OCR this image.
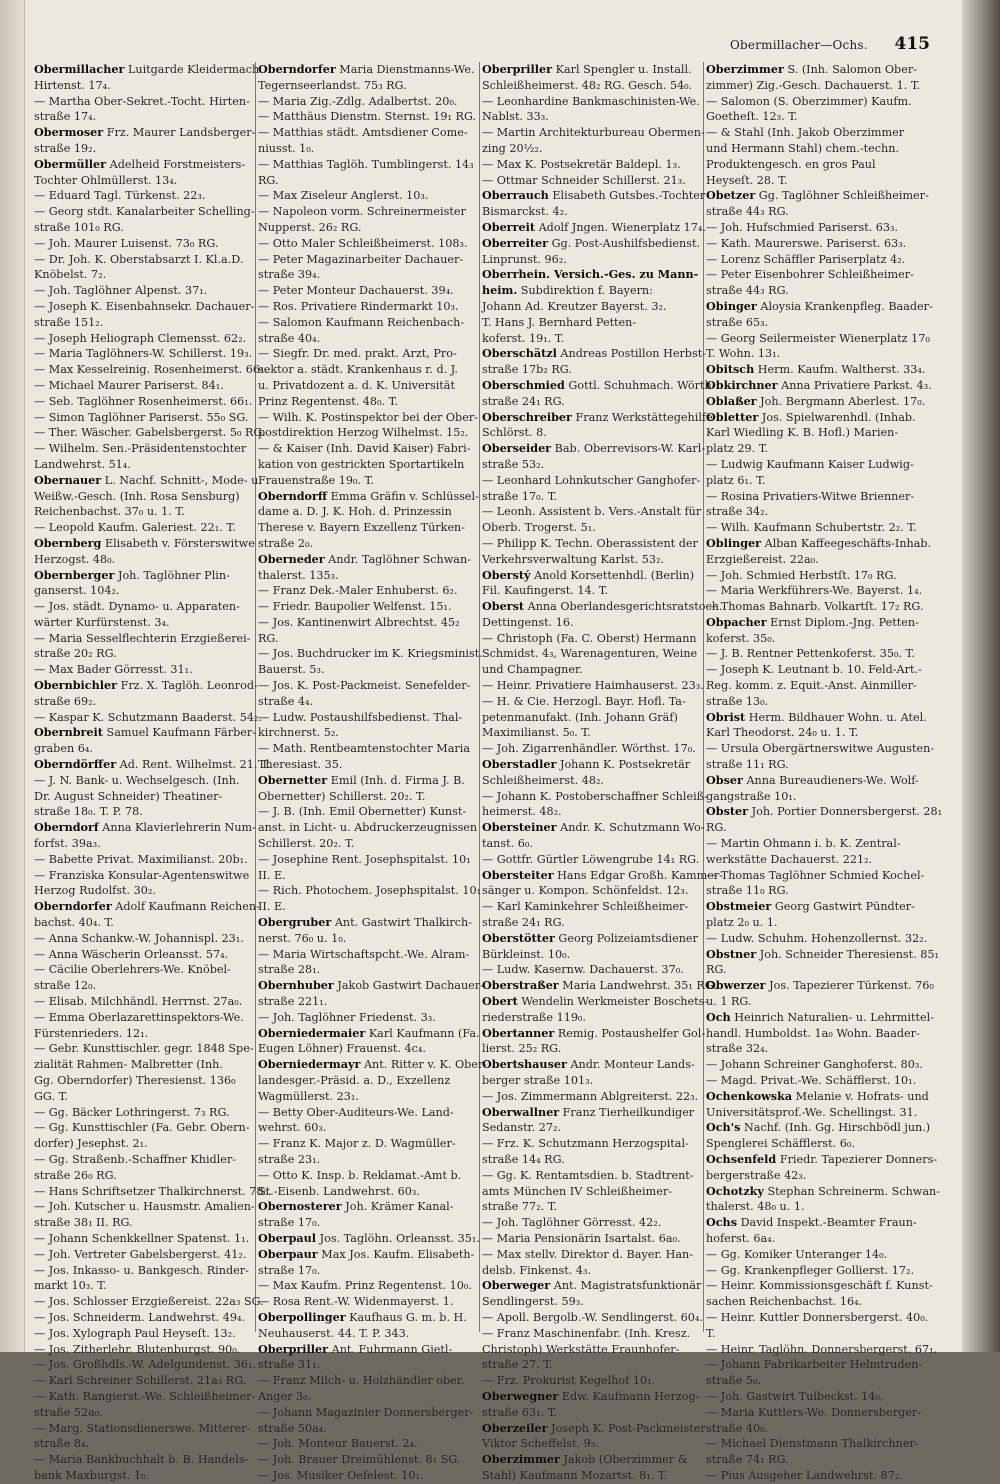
Obermillacher—Ochs. 415
Obermillacher Luitgarde Kleidermach.
Hirtenst. 17₄.
— Martha Ober-Sekret.-Tocht. Hirten-
straße 17₄.
Obermoser Frz. Maurer Landsberger-
straße 19₂.
Obermüller Adelheid Forstmeisters-
Tochter Ohlmüllerst. 13₄.
— Eduard Tagl. Türkenst. 22₃.
— Georg stdt. Kanalarbeiter Schelling-
straße 101₀ RG.
— Joh. Maurer Luisenst. 73₀ RG.
— Dr. Joh. K. Oberstabsarzt I. Kl.a.D.
Knöbelst. 7₂.
— Joh. Taglöhner Alpenst. 37₁.
— Joseph K. Eisenbahnsekr. Dachauer-
straße 151₂.
— Joseph Heliograph Clemensst. 62₂.
— Maria Taglöhners-W. Schillerst. 19₃.
— Max Kesselreinig. Rosenheimerst. 66₁.
— Michael Maurer Pariserst. 84₁.
— Seb. Taglöhner Rosenheimerst. 66₁.
— Simon Taglöhner Pariserst. 55₀ SG.
— Ther. Wäscher. Gabelsbergerst. 5₀ RG.
— Wilhelm. Sen.-Präsidentenstochter
Landwehrst. 51₄.
Obernauer L. Nachf. Schnitt-, Mode- u.
Weißw.-Gesch. (Inh. Rosa Sensburg)
Reichenbachst. 37₀ u. 1. T.
— Leopold Kaufm. Galeriest. 22₁. T.
Obernberg Elisabeth v. Försterswitwe
Herzogst. 48₀.
Obernberger Joh. Taglöhner Plin-
ganserst. 104₂.
— Jos. städt. Dynamo- u. Apparaten-
wärter Kurfürstenst. 3₄.
— Maria Sesselflechterin Erzgießerei-
straße 20₂ RG.
— Max Bader Görresst. 31₁.
Obernbichler Frz. X. Taglöh. Leonrod-
straße 69₂.
— Kaspar K. Schutzmann Baaderst. 54₂.
Obernbreit Samuel Kaufmann Färber-
graben 6₄.
Oberndörffer Ad. Rent. Wilhelmst. 21. T.
— J. N. Bank- u. Wechselgesch. (Inh.
Dr. August Schneider) Theatiner-
straße 18₀. T. P. 78.
Oberndorf Anna Klavierlehrerin Num-
forfst. 39a₃.
— Babette Privat. Maximilianst. 20b₁.
— Franziska Konsular-Agentenswitwe
Herzog Rudolfst. 30₂.
Oberndorfer Adolf Kaufmann Reichen-
bachst. 40₄. T.
— Anna Schankw.-W. Johannispl. 23₁.
— Anna Wäscherin Orleansst. 57₄.
— Cäcilie Oberlehrers-We. Knöbel-
straße 12₀.
— Elisab. Milchhändl. Herrnst. 27a₀.
— Emma Oberlazarettinspektors-We.
Fürstenrieders. 12₁.
— Gebr. Kunsttischler. gegr. 1848 Spe-
zialität Rahmen- Malbretter (Inh.
Gg. Oberndorfer) Theresienst. 136₀
GG. T.
— Gg. Bäcker Lothringerst. 7₃ RG.
— Gg. Kunsttischler (Fa. Gebr. Obern-
dorfer) Jesephst. 2₁.
— Gg. Straßenb.-Schaffner Khidler-
straße 26₀ RG.
— Hans Schriftsetzer Thalkirchnerst. 78₀.
— Joh. Kutscher u. Hausmstr. Amalien-
straße 38₁ II. RG.
— Johann Schenkkellner Spatenst. 1₁.
— Joh. Vertreter Gabelsbergerst. 41₂.
— Jos. Inkasso- u. Bankgesch. Rinder-
markt 10₃. T.
— Jos. Schlosser Erzgießereist. 22a₃ SG.
— Jos. Schneiderm. Landwehrst. 49₄.
— Jos. Xylograph Paul Heyseſt. 13₂.
— Jos. Zitherlehr. Blutenburgst. 90₀.
— Jos. Großhdls.-W. Adelgundenst. 36₁.
— Karl Schreiner Schillerst. 21a₃ RG.
— Kath. Rangierst.-We. Schleißheimer-
straße 52a₀.
— Marg. Stationsdienerswe. Mitterer-
straße 8₄.
— Maria Bankbuchhalt b. B. Handels-
bank Maxburgst. 1₀.
Oberndorfer Maria Dienstmanns-We.
Tegernseerlandst. 75₃ RG.
— Maria Zig.-Zdlg. Adalbertst. 20₀.
— Matthäus Dienstm. Sternst. 19₁ RG.
— Matthias städt. Amtsdiener Come-
niusst. 1₀.
— Matthias Taglöh. Tumblingerst. 14₃
RG.
— Max Ziseleur Anglerst. 10₃.
— Napoleon vorm. Schreinermeister
Nupperst. 26₂ RG.
— Otto Maler Schleißheimerst. 108₃.
— Peter Magazinarbeiter Dachauer-
straße 39₄.
— Peter Monteur Dachauerst. 39₄.
— Ros. Privatiere Rindermarkt 10₃.
— Salomon Kaufmann Reichenbach-
straße 40₄.
— Siegfr. Dr. med. prakt. Arzt, Pro-
sektor a. städt. Krankenhaus r. d. J.
u. Privatdozent a. d. K. Universität
Prinz Regentenst. 48₀. T.
— Wilh. K. Postinspektor bei der Ober-
postdirektion Herzog Wilhelmst. 15₂.
— & Kaiser (Inh. David Kaiser) Fabri-
kation von gestrickten Sportartikeln
Frauenstraße 19₀. T.
Oberndorff Emma Gräfin v. Schlüssel-
dame a. D. J. K. Hoh. d. Prinzessin
Therese v. Bayern Exzellenz Türken-
straße 2₀.
Oberneder Andr. Taglöhner Schwan-
thalerst. 135₃.
— Franz Dek.-Maler Enhuberst. 6₂.
— Friedr. Baupolier Welfenst. 15₁.
— Jos. Kantinenwirt Albrechtst. 45₂
RG.
— Jos. Buchdrucker im K. Kriegsminist.
Bauerst. 5₃.
— Jos. K. Post-Packmeist. Senefelder-
straße 4₄.
— Ludw. Postaushilfsbedienst. Thal-
kirchnerst. 5₂.
— Math. Rentbeamtenstochter Maria
Theresiast. 35.
Obernetter Emil (Inh. d. Firma J. B.
Obernetter) Schillerst. 20₂. T.
— J. B. (Inh. Emil Obernetter) Kunst-
anst. in Licht- u. Abdruckerzeugnissen
Schillerst. 20₂. T.
— Josephine Rent. Josephspitalst. 10₁
II. E.
— Rich. Photochem. Josephspitalst. 10₁
II. E.
Obergruber Ant. Gastwirt Thalkirch-
nerst. 76₀ u. 1₀.
— Maria Wirtschaftspcht.-We. Alram-
straße 28₁.
Obernhuber Jakob Gastwirt Dachauer-
straße 221₁.
— Joh. Taglöhner Friedenst. 3₃.
Oberniedermaier Karl Kaufmann (Fa.
Eugen Löhner) Frauenst. 4c₄.
Oberniedermayr Ant. Ritter v. K. Ober-
landesger.-Präsid. a. D., Exzellenz
Wagmüllerst. 23₁.
— Betty Ober-Auditeurs-We. Land-
wehrst. 60₃.
— Franz K. Major z. D. Wagmüller-
straße 23₁.
— Otto K. Insp. b. Reklamat.-Amt b.
St.-Eisenb. Landwehrst. 60₃.
Obernosterer Joh. Krämer Kanal-
straße 17₀.
Oberpaul Jos. Taglöhn. Orleansst. 35₁.
Oberpaur Max Jos. Kaufm. Elisabeth-
straße 17₀.
— Max Kaufm. Prinz Regentenst. 10₀.
— Rosa Rent.-W. Widenmayerst. 1.
Oberpollinger Kaufhaus G. m. b. H.
Neuhauserst. 44. T. P. 343.
Oberpriller Ant. Fuhrmann Gietl-
straße 31₁.
— Franz Milch- u. Holzhändler ober.
Anger 3₀.
— Johann Magazinier Donnersberger-
straße 50a₄.
— Joh. Monteur Bauerst. 2₄.
— Joh. Brauer Dreimühlenst. 8₁ SG.
— Jos. Musiker Oefelest. 10₁.
Oberpriller Karl Spengler u. Install.
Schleißheimerst. 48₂ RG. Gesch. 54₀.
— Leonhardine Bankmaschinisten-We.
Nablst. 33₃.
— Martin Architekturbureau Obermen-
zing 20½₂.
— Max K. Postsekretär Baldepl. 1₃.
— Ottmar Schneider Schillerst. 21₃.
Oberrauch Elisabeth Gutsbes.-Tochter
Bismarckst. 4₂.
Oberreit Adolf Jngen. Wienerplatz 17₄.
Oberreiter Gg. Post-Aushilfsbedienst.
Linprunst. 96₂.
Oberrhein. Versich.-Ges. zu Mann-
heim. Subdirektion f. Bayern:
Johann Ad. Kreutzer Bayerst. 3₂.
T. Hans J. Bernhard Petten-
koferst. 19₁. T.
Oberschätzl Andreas Postillon Herbst-
straße 17b₂ RG.
Oberschmied Gottl. Schuhmach. Wörth-
straße 24₁ RG.
Oberschreiber Franz Werkstättegehilfe
Schlörst. 8.
Oberseider Bab. Oberrevisors-W. Karl-
straße 53₂.
— Leonhard Lohnkutscher Ganghofer-
straße 17₀. T.
— Leonh. Assistent b. Vers.-Anstalt für
Oberb. Trogerst. 5₁.
— Philipp K. Techn. Oberassistent der
Verkehrsverwaltung Karlst. 53₂.
Oberstý Anold Korsettenhdl. (Berlin)
Fil. Kaufingerst. 14. T.
Oberst Anna Oberlandesgerichtsratstoch.
Dettingenst. 16.
— Christoph (Fa. C. Oberst) Hermann
Schmidst. 4₃, Warenagenturen, Weine
und Champagner.
— Heinr. Privatiere Haimhauserst. 23₃.
— H. & Cie. Herzogl. Bayr. Hofl. Ta-
petenmanufakt. (Inh. Johann Gräf)
Maximilianst. 5₀. T.
— Joh. Zigarrenhändler. Wörthst. 17₀.
Oberstadler Johann K. Postsekretär
Schleißheimerst. 48₂.
— Johann K. Postoberschaffner Schleiß-
heimerst. 48₂.
Obersteiner Andr. K. Schutzmann Wo-
tanst. 6₀.
— Gottfr. Gürtler Löwengrube 14₁ RG.
Obersteiter Hans Edgar Großh. Kammer-
sänger u. Kompon. Schönfeldst. 12₃.
— Karl Kaminkehrer Schleißheimer-
straße 24₁ RG.
Oberstötter Georg Polizeiamtsdiener
Bürkleinst. 10₀.
— Ludw. Kasernw. Dachauerst. 37₀.
Oberstraßer Maria Landwehrst. 35₁ RG.
Obert Wendelin Werkmeister Boschets-
riederstraße 119₀.
Obertanner Remig. Postaushelfer Gol-
lierst. 25₂ RG.
Obertshauser Andr. Monteur Lands-
berger straße 101₃.
— Jos. Zimmermann Ablgreiterst. 22₃.
Oberwallner Franz Tierheilkundiger
Sedanstr. 27₂.
— Frz. K. Schutzmann Herzogspital-
straße 14₄ RG.
— Gg. K. Rentamtsdien. b. Stadtrent-
amts München IV Schleißheimer-
straße 77₂. T.
— Joh. Taglöhner Görresst. 42₂.
— Maria Pensionärin Isartalst. 6a₀.
— Max stellv. Direktor d. Bayer. Han-
delsb. Finkenst. 4₃.
Oberweger Ant. Magistratsfunktionär
Sendlingerst. 59₃.
— Apoll. Bergolb.-W. Sendlingerst. 60₄.
— Franz Maschinenfabr. (Inh. Kresz.
Christoph) Werkstätte Fraunhofer-
straße 27. T.
— Frz. Prokurist Kegelhof 10₁.
Oberwegner Edw. Kaufmann Herzog-
straße 63₁. T.
Oberzeiler Joseph K. Post-Packmeister
Viktor Scheffelst. 9₃.
Oberzimmer Jakob (Oberzimmer &
Stahl) Kaufmann Mozartst. 8₁. T.
Oberzimmer S. (Inh. Salomon Ober-
zimmer) Zig.-Gesch. Dachauerst. 1. T.
— Salomon (S. Oberzimmer) Kaufm.
Goetheſt. 12₃. T.
— & Stahl (Inh. Jakob Oberzimmer
und Hermann Stahl) chem.-techn.
Produktengesch. en gros Paul
Heyseſt. 28. T.
Obetzer Gg. Taglöhner Schleißheimer-
straße 44₃ RG.
— Joh. Hufschmied Pariserst. 63₃.
— Kath. Maurerswe. Pariserst. 63₃.
— Lorenz Schäffler Pariserplatz 4₂.
— Peter Eisenbohrer Schleißheimer-
straße 44₃ RG.
Obinger Aloysia Krankenpfleg. Baader-
straße 65₃.
— Georg Seilermeister Wienerplatz 17₀
T. Wohn. 13₁.
Obitsch Herm. Kaufm. Waltherst. 33₄.
Obkirchner Anna Privatiere Parkst. 4₃.
Oblaßer Joh. Bergmann Aberlest. 17₀.
Obletter Jos. Spielwarenhdl. (Inhab.
Karl Wiedling K. B. Hofl.) Marien-
platz 29. T.
— Ludwig Kaufmann Kaiser Ludwig-
platz 6₁. T.
— Rosina Privatiers-Witwe Brienner-
straße 34₂.
— Wilh. Kaufmann Schubertstr. 2₂. T.
Oblinger Alban Kaffeegeschäfts-Inhab.
Erzgießereist. 22a₀.
— Joh. Schmied Herbstſt. 17₀ RG.
— Maria Werkführers-We. Bayerst. 1₄.
— Thomas Bahnarb. Volkartſt. 17₂ RG.
Obpacher Ernst Diplom.-Jng. Petten-
koferst. 35₀.
— J. B. Rentner Pettenkoferst. 35₀. T.
— Joseph K. Leutnant b. 10. Feld-Art.-
Reg. komm. z. Equit.-Anst. Ainmiller-
straße 13₀.
Obrist Herm. Bildhauer Wohn. u. Atel.
Karl Theodorst. 24₀ u. 1. T.
— Ursula Obergärtnerswitwe Augusten-
straße 11₁ RG.
Obser Anna Bureaudieners-We. Wolf-
gangstraße 10₁.
Obster Joh. Portier Donnersbergerst. 28₁
RG.
— Martin Ohmann i. b. K. Zentral-
werkstätte Dachauerst. 221₂.
— Thomas Taglöhner Schmied Kochel-
straße 11₀ RG.
Obstmeier Georg Gastwirt Pündter-
platz 2₀ u. 1.
— Ludw. Schuhm. Hohenzollernst. 32₂.
Obstner Joh. Schneider Theresienst. 85₁
RG.
Obwerzer Jos. Tapezierer Türkenst. 76₀
u. 1 RG.
Och Heinrich Naturalien- u. Lehrmittel-
handl. Humboldst. 1a₀ Wohn. Baader-
straße 32₄.
— Johann Schreiner Ganghoferst. 80₃.
— Magd. Privat.-We. Schäfflerst. 10₁.
Ochenkowska Melanie v. Hofrats- und
Universitätsprof.-We. Schellingst. 31.
Och's Nachf. (Inh. Gg. Hirschbödl jun.)
Spenglerei Schäfflerst. 6₀.
Ochsenfeld Friedr. Tapezierer Donners-
bergerstraße 42₃.
Ochotzky Stephan Schreinerm. Schwan-
thalerst. 48₀ u. 1.
Ochs David Inspekt.-Beamter Fraun-
hoferst. 6a₄.
— Gg. Komiker Unteranger 14₀.
— Gg. Krankenpfleger Gollierst. 17₂.
— Heinr. Kommissionsgeschäft f. Kunst-
sachen Reichenbachst. 16₄.
— Heinr. Kuttler Donnersbergerst. 40₀.
T.
— Heinr. Taglöhn. Donnersbergerst. 67₁.
— Johann Fabrikarbeiter Helmtruden-
straße 5₀.
— Joh. Gastwirt Tulbeckst. 14₀.
— Maria Kuttlers-We. Donnersberger-
straße 40₀.
— Michael Dienstmann Thalkirchner-
straße 74₁ RG.
— Pius Ausgeher Landwehrst. 87₂.
